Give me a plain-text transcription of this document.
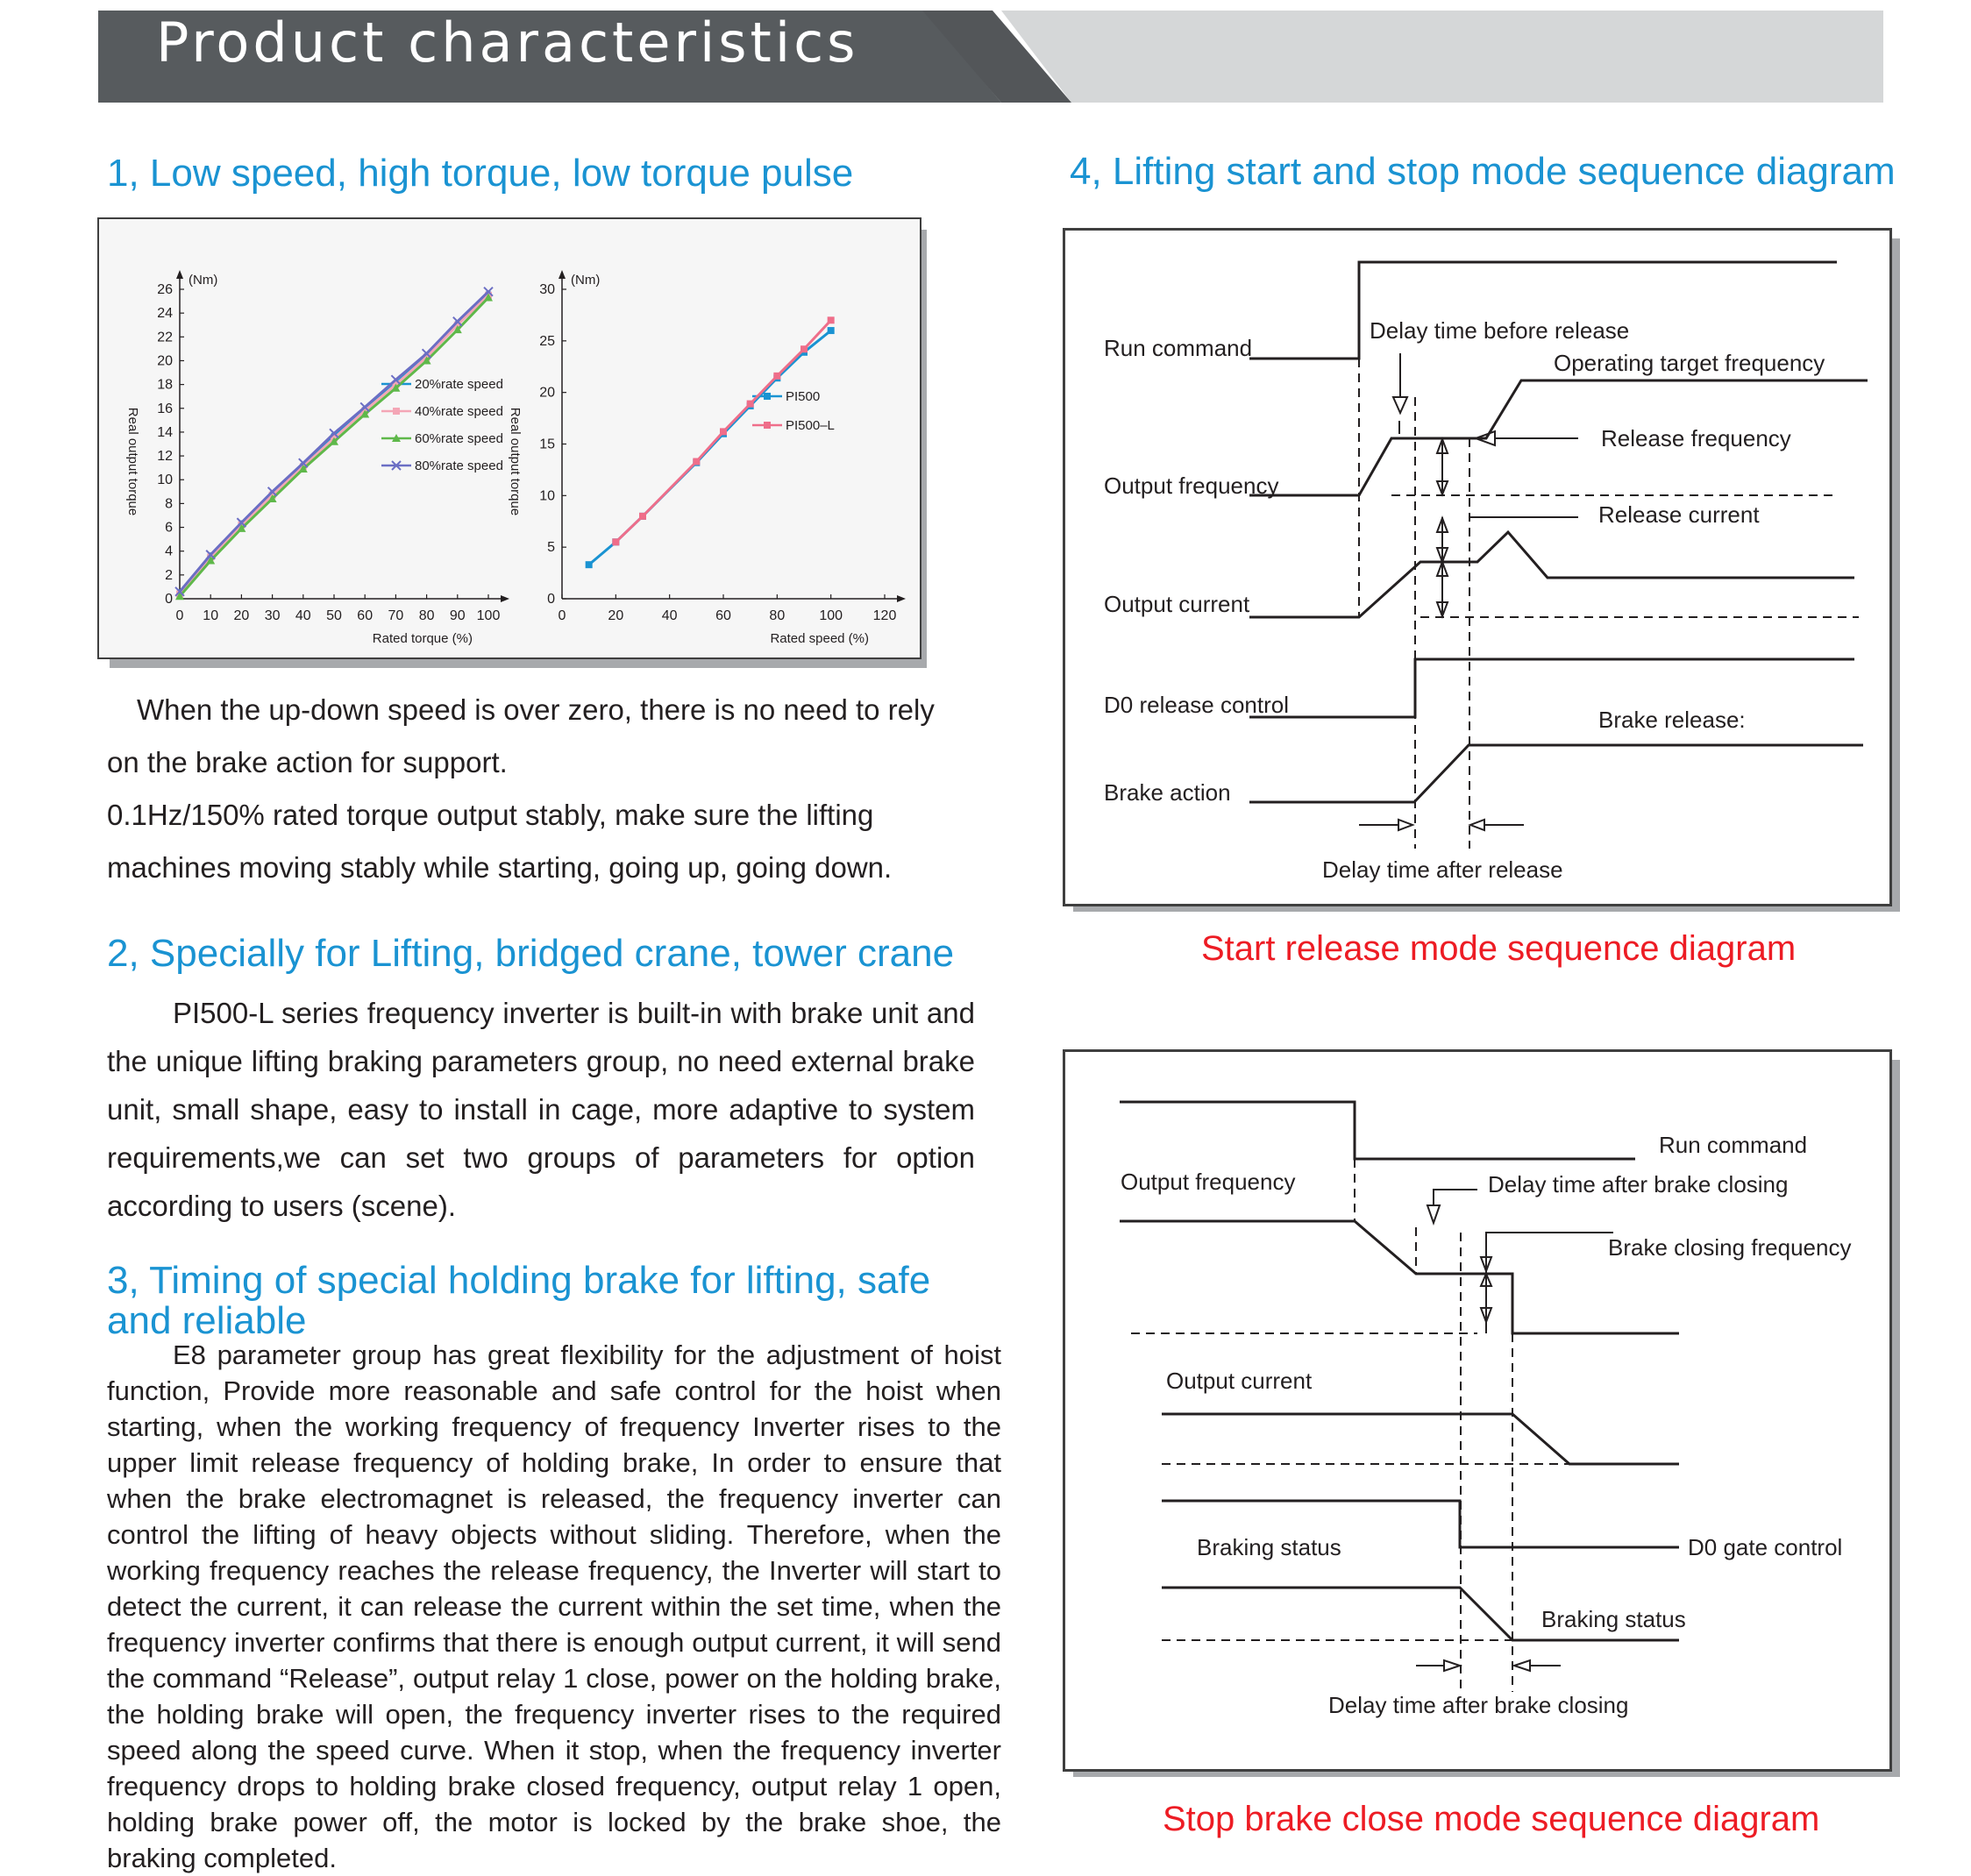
Product characteristics
1, Low speed, high torque, low torque pulse
0 10 20 30 40 50 60 70 80 90 100
0
2
4
6
8
10
12
14
16
18
20
22
24
26
(Nm)
Rated torque (%)
Real output torque
20%rate speed
40%rate speed
60%rate speed
80%rate speed
0	20	40	60	80 100 120
0
5
10
15
20
25
30
(Nm)
Rated speed (%)
Real output torque
PI500
PI500–L
When the up-down speed is over zero, there is no need to rely
on the brake action for support.
0.1Hz/150% rated torque output stably, make sure the lifting
machines moving stably while starting, going up, going down.
2, Specially for Lifting, bridged crane, tower crane
PI500-L series frequency inverter is built-in with brake unit and the unique lifting braking parameters group, no need external brake unit, small shape, easy to install in cage, more adaptive to system requirements,we can set two groups of parameters for option according to users (scene).
3, Timing of special holding brake for lifting, safe
and reliable
E8 parameter group has great flexibility for the adjustment of hoist function, Provide more reasonable and safe control for the hoist when starting, when the working frequency of frequency Inverter rises to the upper limit release frequency of holding brake, In order to ensure that when the brake electromagnet is released, the frequency inverter can control the lifting of heavy objects without sliding. Therefore, when the working frequency reaches the release frequency, the Inverter will start to detect the current, it can release the current within the set time, when the frequency inverter confirms that there is enough output current, it will send the command “Release”, output relay 1 close, power on the holding brake, the holding brake will open, the frequency inverter rises to the required speed along the speed curve. When it stop, when the frequency inverter frequency drops to holding brake closed frequency, output relay 1 open, holding brake power off, the motor is locked by the brake shoe, the braking completed.
4, Lifting start and stop mode sequence diagram
Run command
Delay time before release
Operating target frequency
Release frequency
Output frequency
Release current
Output current
D0 release control
Brake release:
Brake action
Delay time after release
Start release mode sequence diagram
Run command
Output frequency	Delay time after brake closing
Brake closing frequency
Output current
D0 gate control
Braking status
Braking status
Delay time after brake closing
Stop brake close mode sequence diagram
